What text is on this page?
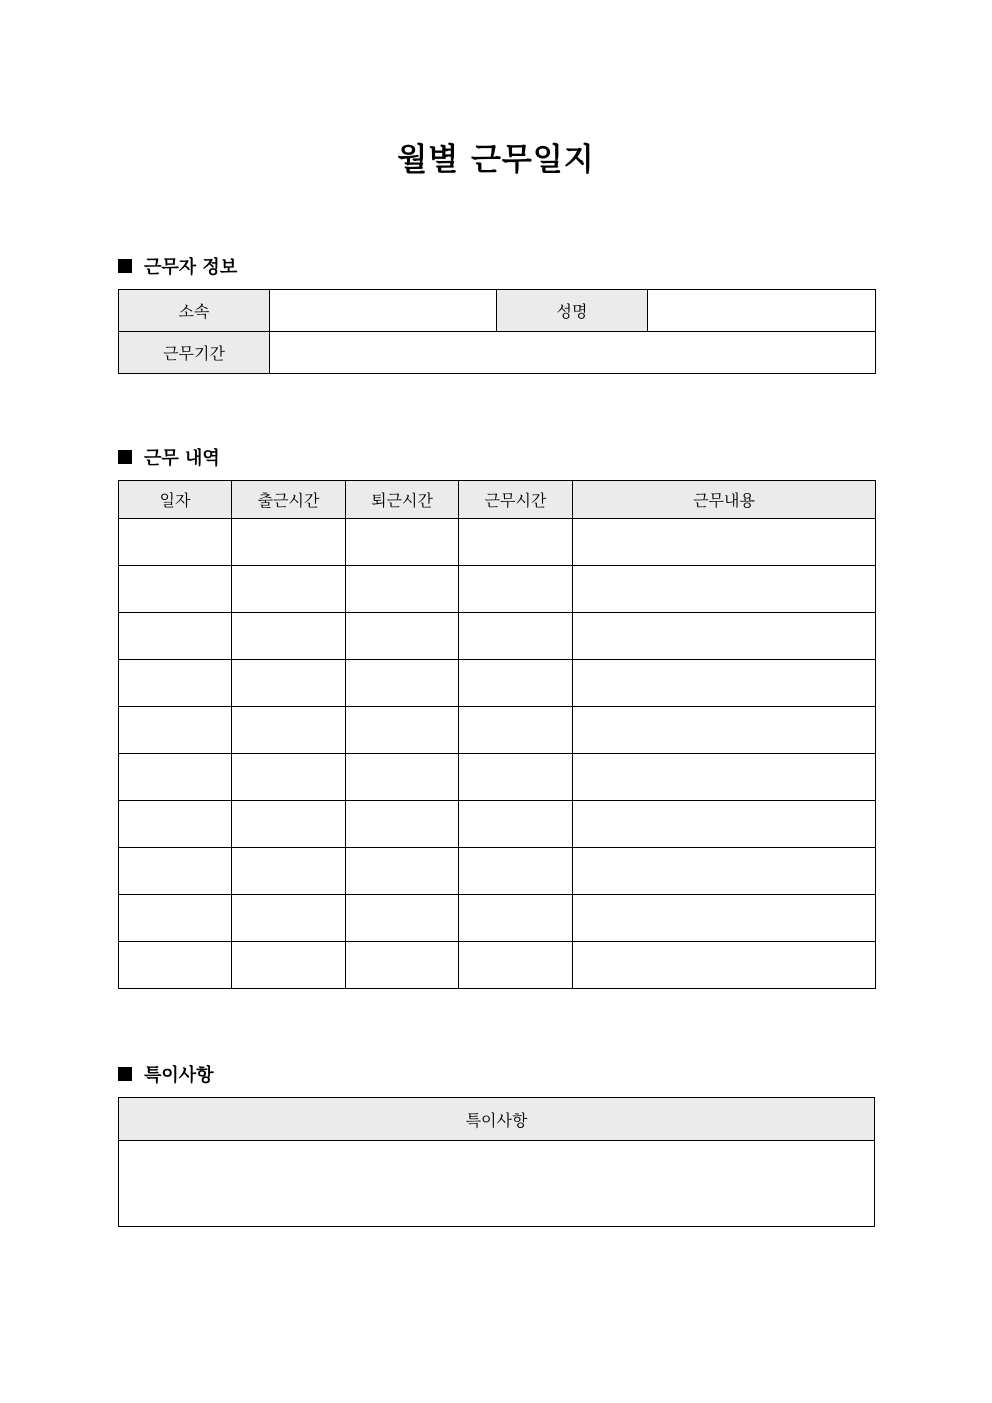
월별 근무일지
근무자 정보
소속		성명	
근무기간			
근무 내역
일자	출근시간	퇴근시간	근무시간	근무내용

특이사항
특이사항
